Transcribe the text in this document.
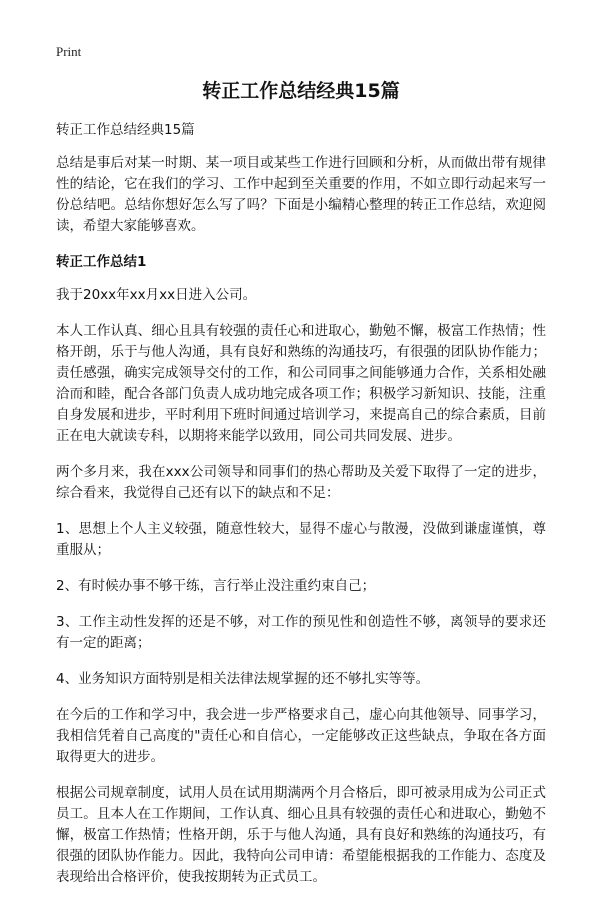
Print
转正工作总结经典15篇
转正工作总结经典15篇
总结是事后对某一时期、某一项目或某些工作进行回顾和分析，从而做出带有规律性的结论，它在我们的学习、工作中起到至关重要的作用，不如立即行动起来写一份总结吧。总结你想好怎么写了吗？下面是小编精心整理的转正工作总结，欢迎阅读，希望大家能够喜欢。
转正工作总结1
我于20xx年xx月xx日进入公司。
本人工作认真、细心且具有较强的责任心和进取心，勤勉不懈，极富工作热情；性格开朗，乐于与他人沟通，具有良好和熟练的沟通技巧，有很强的团队协作能力；责任感强，确实完成领导交付的工作，和公司同事之间能够通力合作，关系相处融洽而和睦，配合各部门负责人成功地完成各项工作；积极学习新知识、技能，注重自身发展和进步，平时利用下班时间通过培训学习，来提高自己的综合素质，目前正在电大就读专科，以期将来能学以致用，同公司共同发展、进步。
两个多月来，我在xxx公司领导和同事们的热心帮助及关爱下取得了一定的进步，综合看来，我觉得自己还有以下的缺点和不足：
1、思想上个人主义较强，随意性较大，显得不虚心与散漫，没做到谦虚谨慎，尊重服从；
2、有时候办事不够干练，言行举止没注重约束自己；
3、工作主动性发挥的还是不够，对工作的预见性和创造性不够，离领导的要求还有一定的距离；
4、业务知识方面特别是相关法律法规掌握的还不够扎实等等。
在今后的工作和学习中，我会进一步严格要求自己，虚心向其他领导、同事学习，我相信凭着自己高度的"责任心和自信心，一定能够改正这些缺点，争取在各方面取得更大的进步。
根据公司规章制度，试用人员在试用期满两个月合格后，即可被录用成为公司正式员工。且本人在工作期间，工作认真、细心且具有较强的责任心和进取心，勤勉不懈，极富工作热情；性格开朗，乐于与他人沟通，具有良好和熟练的沟通技巧，有很强的团队协作能力。因此，我特向公司申请：希望能根据我的工作能力、态度及表现给出合格评价，使我按期转为正式员工。
